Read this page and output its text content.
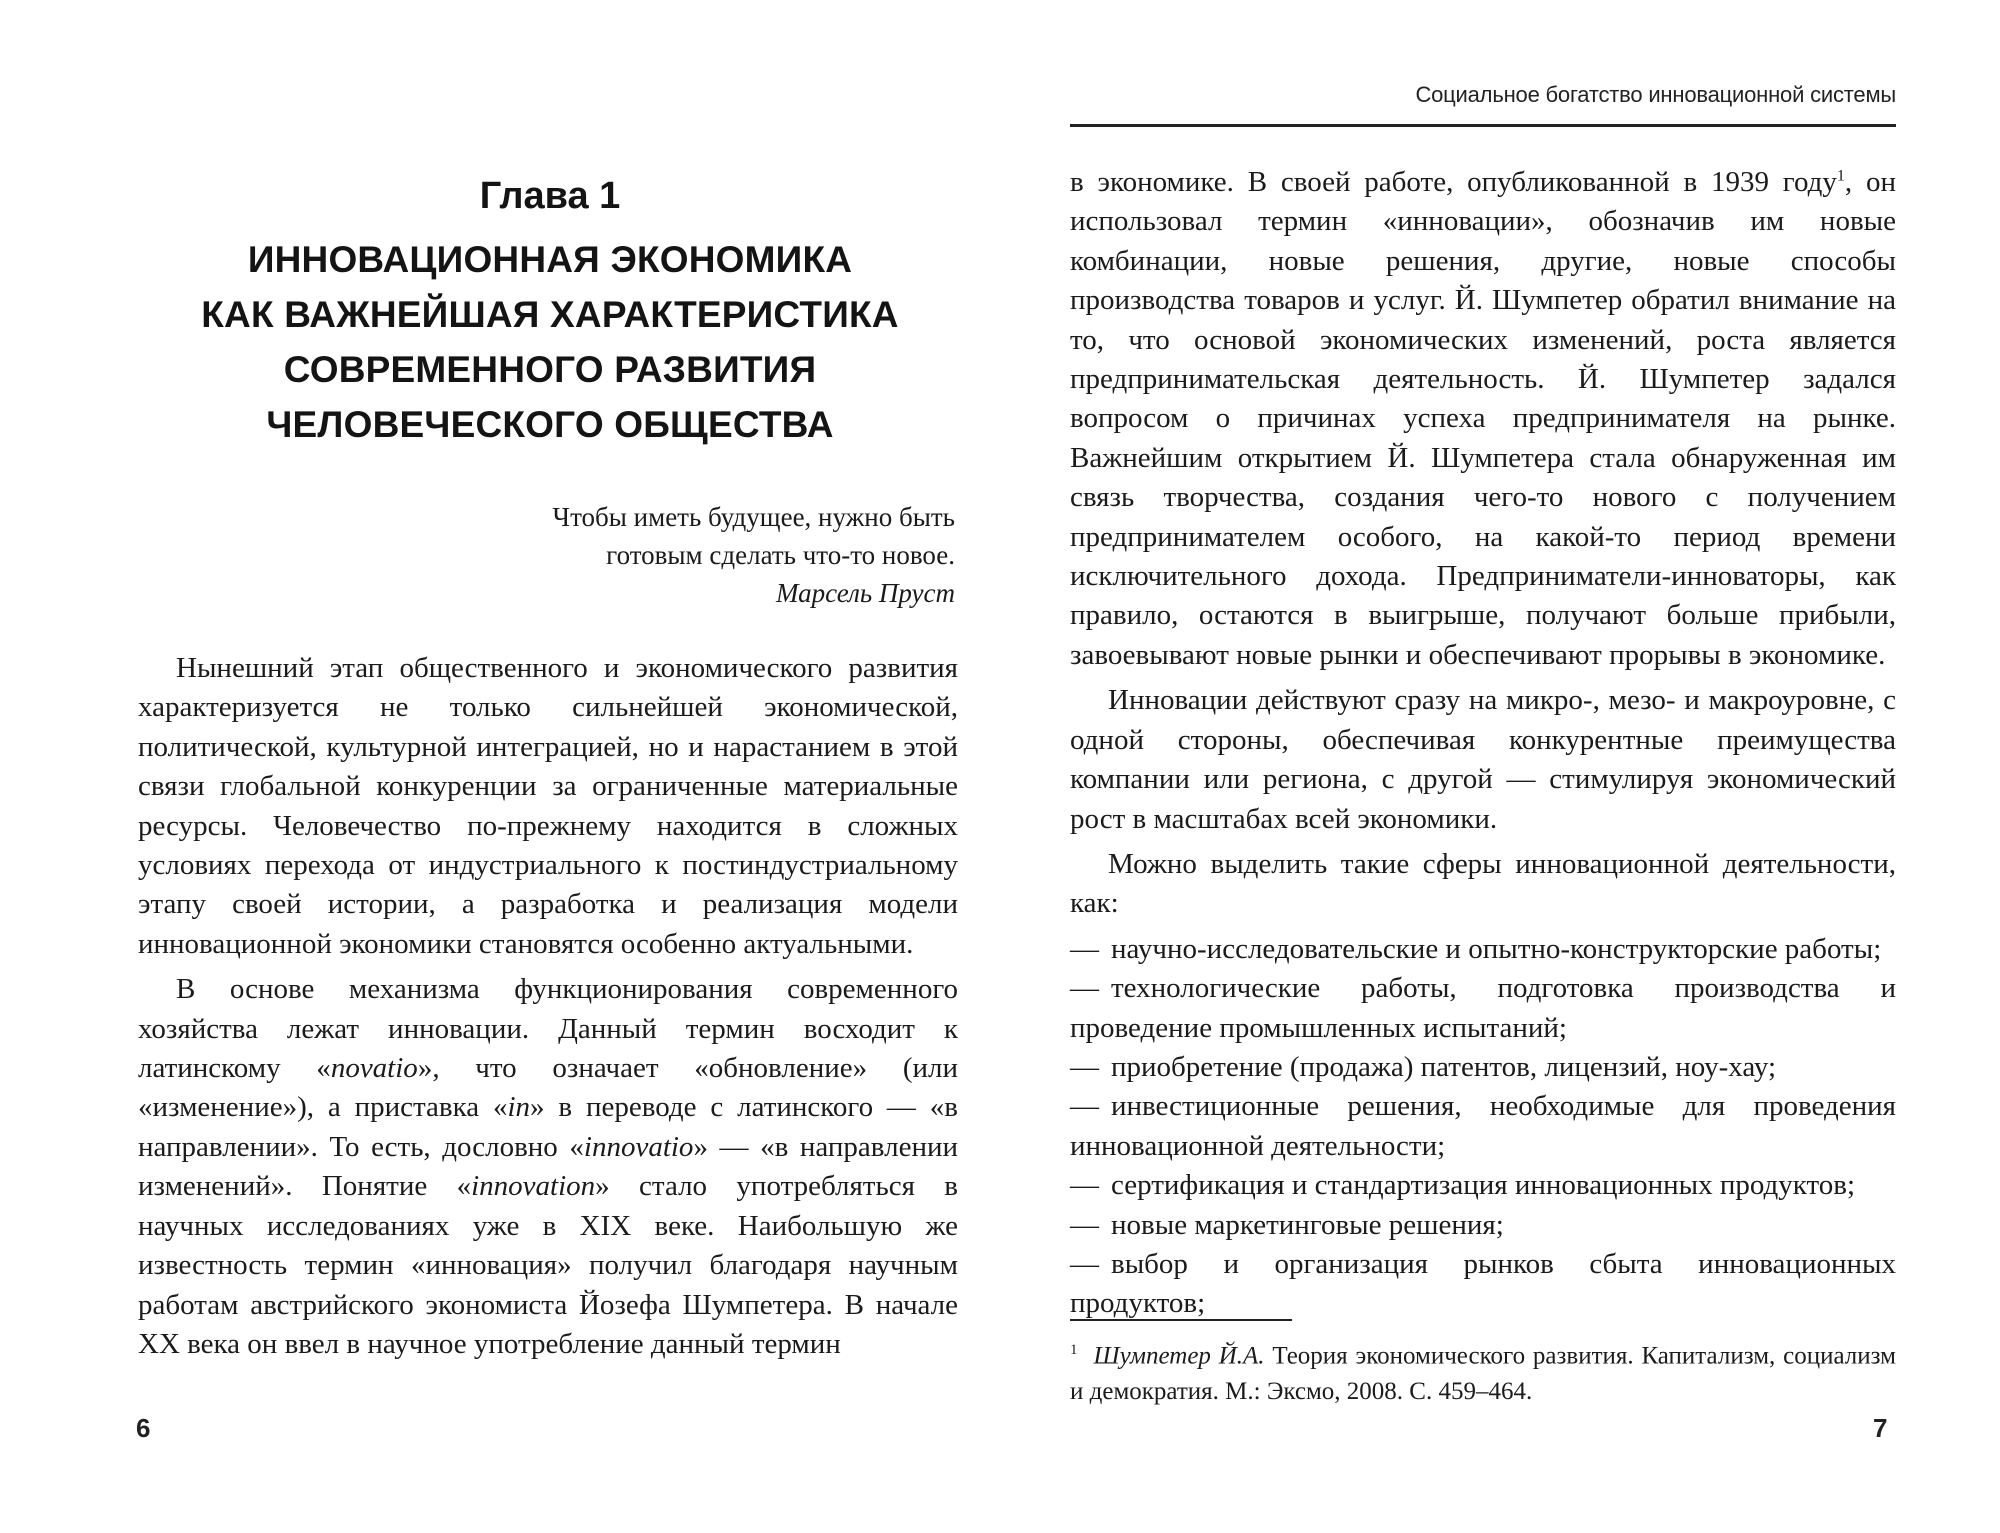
Глава 1
ИННОВАЦИОННАЯ ЭКОНОМИКА
КАК ВАЖНЕЙШАЯ ХАРАКТЕРИСТИКА
СОВРЕМЕННОГО РАЗВИТИЯ
ЧЕЛОВЕЧЕСКОГО ОБЩЕСТВА
Чтобы иметь будущее, нужно быть
готовым сделать что-то новое.
Марсель Пруст

Нынешний этап общественного и экономического развития характеризуется не только сильнейшей экономической, политической, культурной интеграцией, но и нарастанием в этой связи глобальной конкуренции за ограниченные материальные ресурсы. Человечество по-прежнему находится в сложных условиях перехода от индустриального к постиндустриальному этапу своей истории, а разработка и реализация модели инновационной экономики становятся особенно актуальными.

В основе механизма функционирования современного хозяйства лежат инновации. Данный термин восходит к латинскому «novatio», что означает «обновление» (или «изменение»), а приставка «in» в переводе с латинского — «в направлении». То есть, дословно «innovatio» — «в направлении изменений». Понятие «innovation» стало употребляться в научных исследованиях уже в XIX веке. Наибольшую же известность термин «инновация» получил благодаря научным работам австрийского экономиста Йозефа Шумпетера. В начале XX века он ввел в научное употребление данный термин

6
Социальное богатство инновационной системы

в экономике. В своей работе, опубликованной в 1939 году$^1$, он использовал термин «инновации», обозначив им новые комбинации, новые решения, другие, новые способы производства товаров и услуг. Й. Шумпетер обратил внимание на то, что основой экономических изменений, роста является предпринимательская деятельность. Й. Шумпетер задался вопросом о причинах успеха предпринимателя на рынке. Важнейшим открытием Й. Шумпетера стала обнаруженная им связь творчества, создания чего-то нового с получением предпринимателем особого, на какой-то период времени исключительного дохода. Предприниматели-инноваторы, как правило, остаются в выигрыше, получают больше прибыли, завоевывают новые рынки и обеспечивают прорывы в экономике.

Инновации действуют сразу на микро-, мезо- и макроуровне, с одной стороны, обеспечивая конкурентные преимущества компании или региона, с другой — стимулируя экономический рост в масштабах всей экономики.

Можно выделить такие сферы инновационной деятельности, как:

— научно-исследовательские и опытно-конструкторские работы;

— технологические работы, подготовка производства и проведение промышленных испытаний;

— приобретение (продажа) патентов, лицензий, ноу-хау;

— инвестиционные решения, необходимые для проведения инновационной деятельности;

— сертификация и стандартизация инновационных продуктов;

— новые маркетинговые решения;

— выбор и организация рынков сбыта инновационных продуктов;

$^1$ Шумпетер Й.А. Теория экономического развития. Капитализм, социализм и демократия. М.: Эксмо, 2008. С. 459–464.
7
